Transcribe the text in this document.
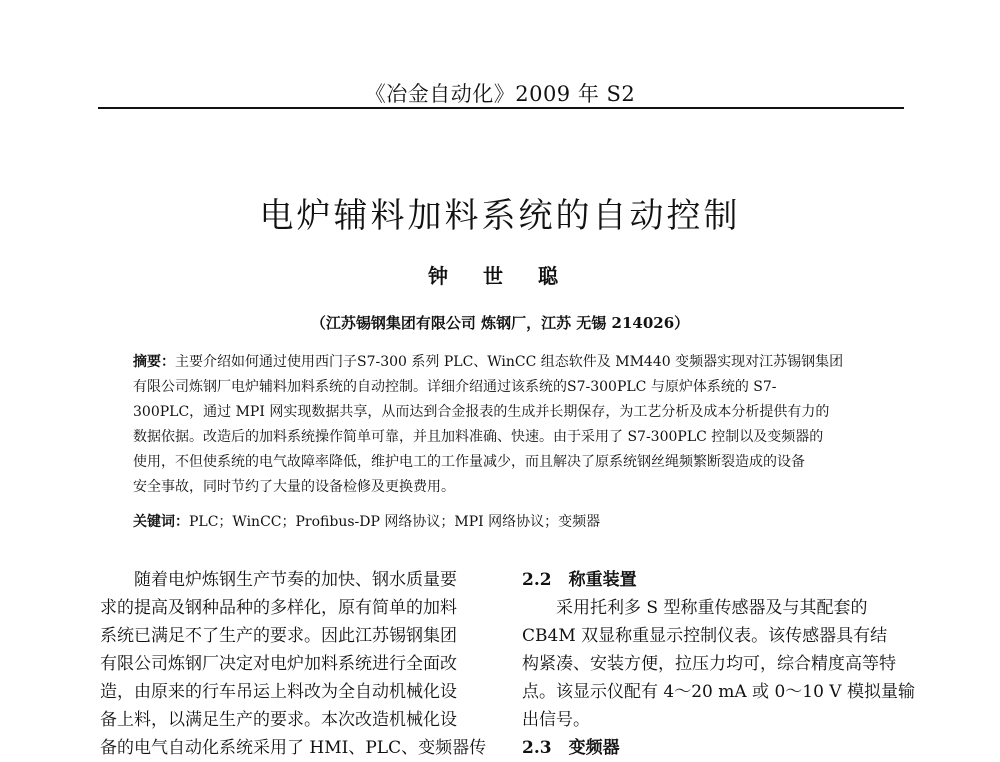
《冶金自动化》2009 年 S2
电炉辅料加料系统的自动控制
钟 世 聪
（江苏锡钢集团有限公司 炼钢厂，江苏 无锡 214026）

摘要：主要介绍如何通过使用西门子S7-300 系列 PLC、WinCC 组态软件及 MM440 变频器实现对江苏锡钢集团
有限公司炼钢厂电炉辅料加料系统的自动控制。详细介绍通过该系统的S7-300PLC 与原炉体系统的 S7-
300PLC，通过 MPI 网实现数据共享，从而达到合金报表的生成并长期保存，为工艺分析及成本分析提供有力的
数据依据。改造后的加料系统操作简单可靠，并且加料准确、快速。由于采用了 S7-300PLC 控制以及变频器的
使用，不但使系统的电气故障率降低，维护电工的工作量减少，而且解决了原系统钢丝绳频繁断裂造成的设备
安全事故，同时节约了大量的设备检修及更换费用。

关键词：PLC；WinCC；Profibus-DP 网络协议；MPI 网络协议；变频器

　　随着电炉炼钢生产节奏的加快、钢水质量要
求的提高及钢种品种的多样化，原有简单的加料
系统已满足不了生产的要求。因此江苏锡钢集团
有限公司炼钢厂决定对电炉加料系统进行全面改
造，由原来的行车吊运上料改为全自动机械化设
备上料，以满足生产的要求。本次改造机械化设
备的电气自动化系统采用了 HMI、PLC、变频器传

2.2　称重装置
　　采用托利多 S 型称重传感器及与其配套的
CB4M 双显称重显示控制仪表。该传感器具有结
构紧凑、安装方便，拉压力均可，综合精度高等特
点。该显示仪配有 4～20 mA 或 0～10 V 模拟量输
出信号。
2.3　变频器
